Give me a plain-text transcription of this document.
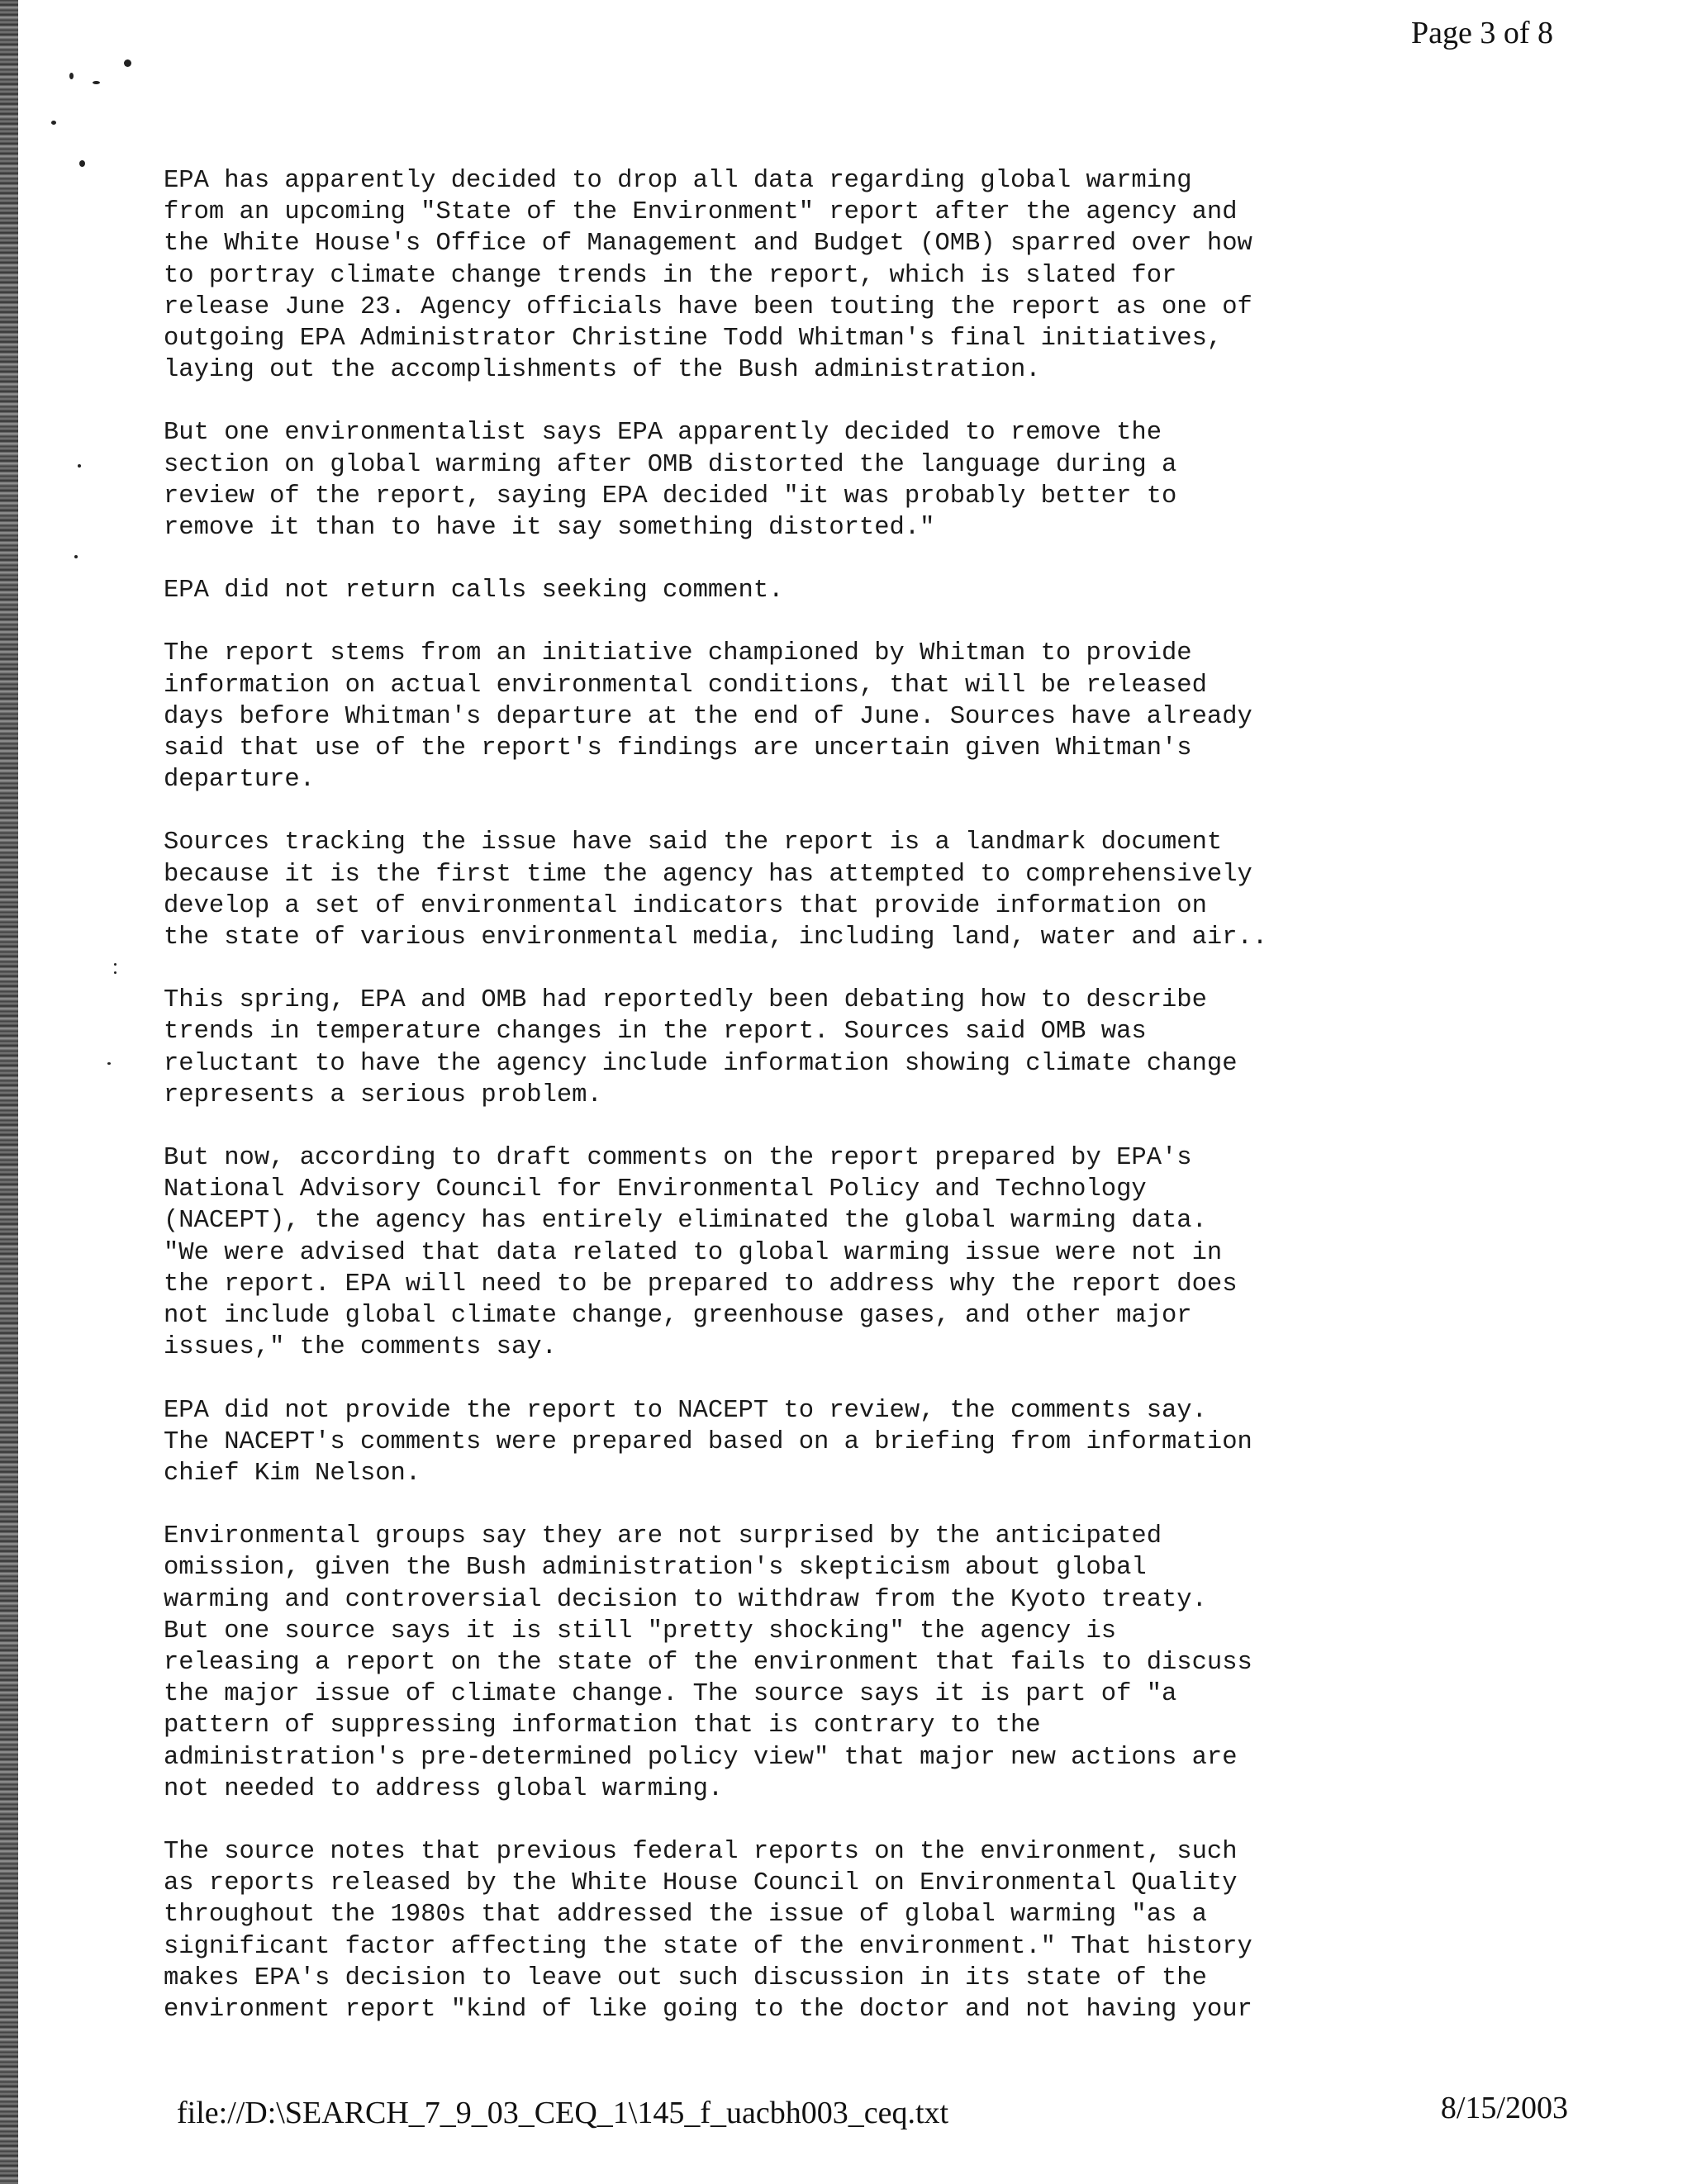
Page 3 of 8

EPA has apparently decided to drop all data regarding global warming
from an upcoming "State of the Environment" report after the agency and
the White House's Office of Management and Budget (OMB) sparred over how
to portray climate change trends in the report, which is slated for
release June 23. Agency officials have been touting the report as one of
outgoing EPA Administrator Christine Todd Whitman's final initiatives,
laying out the accomplishments of the Bush administration.

But one environmentalist says EPA apparently decided to remove the
section on global warming after OMB distorted the language during a
review of the report, saying EPA decided "it was probably better to
remove it than to have it say something distorted."

EPA did not return calls seeking comment.

The report stems from an initiative championed by Whitman to provide
information on actual environmental conditions, that will be released
days before Whitman's departure at the end of June. Sources have already
said that use of the report's findings are uncertain given Whitman's
departure.

Sources tracking the issue have said the report is a landmark document
because it is the first time the agency has attempted to comprehensively
develop a set of environmental indicators that provide information on
the state of various environmental media, including land, water and air..

This spring, EPA and OMB had reportedly been debating how to describe
trends in temperature changes in the report. Sources said OMB was
reluctant to have the agency include information showing climate change
represents a serious problem.

But now, according to draft comments on the report prepared by EPA's
National Advisory Council for Environmental Policy and Technology
(NACEPT), the agency has entirely eliminated the global warming data.
"We were advised that data related to global warming issue were not in
the report. EPA will need to be prepared to address why the report does
not include global climate change, greenhouse gases, and other major
issues," the comments say.

EPA did not provide the report to NACEPT to review, the comments say.
The NACEPT's comments were prepared based on a briefing from information
chief Kim Nelson.

Environmental groups say they are not surprised by the anticipated
omission, given the Bush administration's skepticism about global
warming and controversial decision to withdraw from the Kyoto treaty.
But one source says it is still "pretty shocking" the agency is
releasing a report on the state of the environment that fails to discuss
the major issue of climate change. The source says it is part of "a
pattern of suppressing information that is contrary to the
administration's pre-determined policy view" that major new actions are
not needed to address global warming.

The source notes that previous federal reports on the environment, such
as reports released by the White House Council on Environmental Quality
throughout the 1980s that addressed the issue of global warming "as a
significant factor affecting the state of the environment." That history
makes EPA's decision to leave out such discussion in its state of the
environment report "kind of like going to the doctor and not having your

file://D:\SEARCH_7_9_03_CEQ_1\145_f_uacbh003_ceq.txt	8/15/2003
